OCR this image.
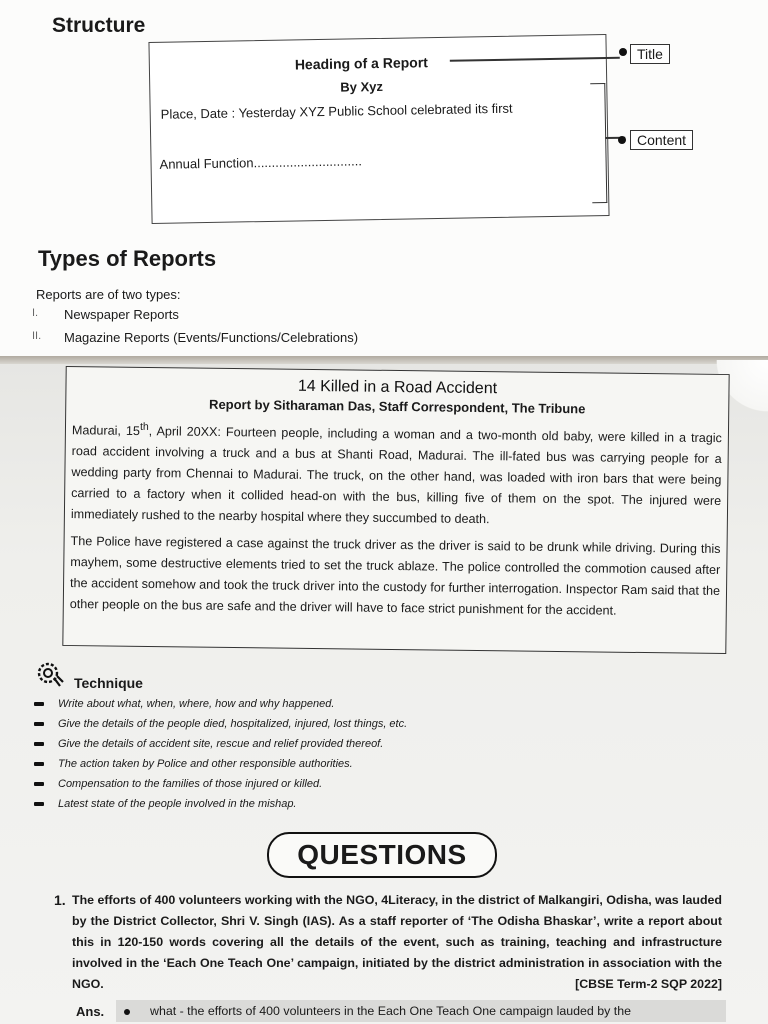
Structure
Heading of a Report
By Xyz
Place, Date : Yesterday XYZ Public School celebrated its first
Annual Function..............................
Title
Content
Types of Reports
Reports are of two types:
I.	Newspaper Reports
II.	Magazine Reports (Events/Functions/Celebrations)
14 Killed in a Road Accident
Report by Sitharaman Das, Staff Correspondent, The Tribune

Madurai, 15th, April 20XX: Fourteen people, including a woman and a two-month old baby, were killed in a tragic road accident involving a truck and a bus at Shanti Road, Madurai. The ill-fated bus was carrying people for a wedding party from Chennai to Madurai. The truck, on the other hand, was loaded with iron bars that were being carried to a factory when it collided head-on with the bus, killing five of them on the spot. The injured were immediately rushed to the nearby hospital where they succumbed to death.

The Police have registered a case against the truck driver as the driver is said to be drunk while driving. During this mayhem, some destructive elements tried to set the truck ablaze. The police controlled the commotion caused after the accident somehow and took the truck driver into the custody for further interrogation. Inspector Ram said that the other people on the bus are safe and the driver will have to face strict punishment for the accident.

Technique
Write about what, when, where, how and why happened.
Give the details of the people died, hospitalized, injured, lost things, etc.
Give the details of accident site, rescue and relief provided thereof.
The action taken by Police and other responsible authorities.
Compensation to the families of those injured or killed.
Latest state of the people involved in the mishap.
QUESTIONS
1. The efforts of 400 volunteers working with the NGO, 4Literacy, in the district of Malkangiri, Odisha, was lauded by the District Collector, Shri V. Singh (IAS). As a staff reporter of ‘The Odisha Bhaskar’, write a report about this in 120-150 words covering all the details of the event, such as training, teaching and infrastructure involved in the ‘Each One Teach One’ campaign, initiated by the district administration in association with the NGO.	[CBSE Term-2 SQP 2022]
Ans.	what - the efforts of 400 volunteers in the Each One Teach One campaign lauded by the
